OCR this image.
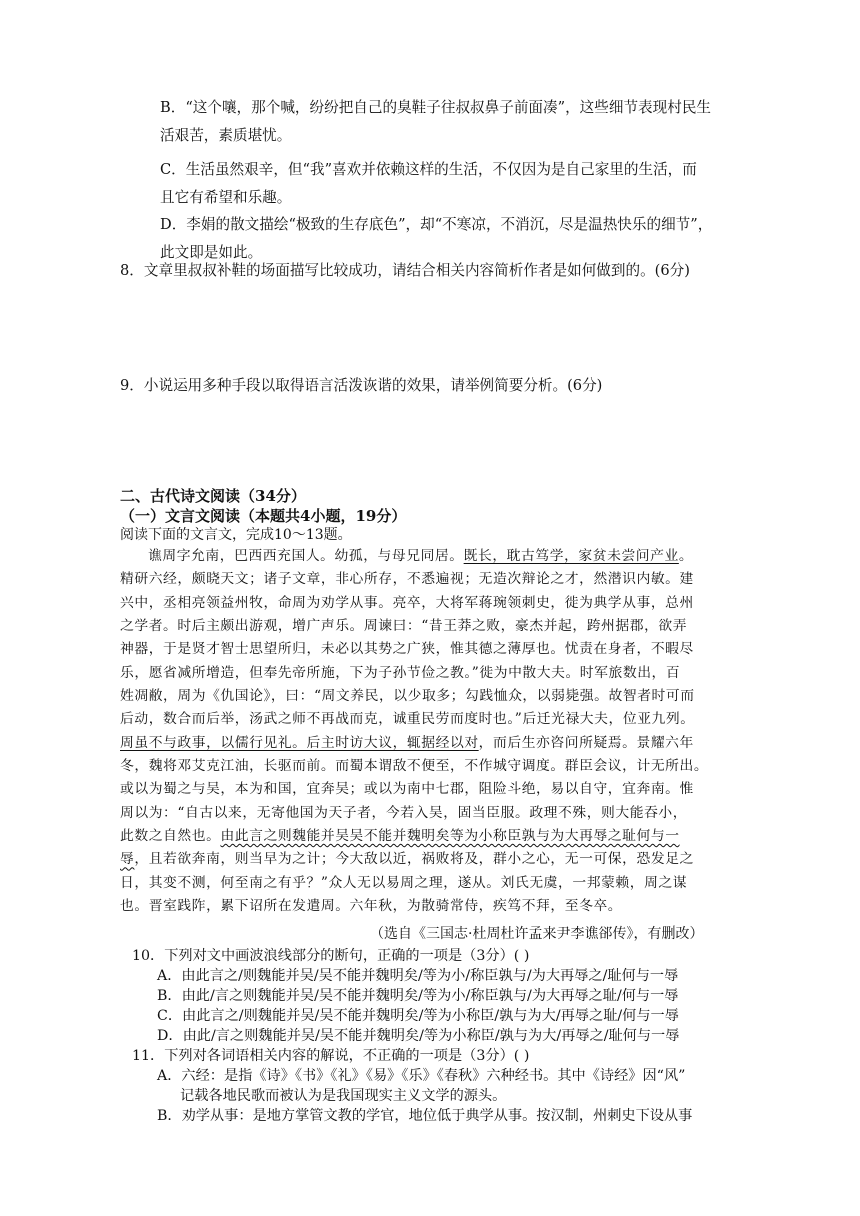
B．“这个嚷，那个喊，纷纷把自己的臭鞋子往叔叔鼻子前面凑”，这些细节表现村民生

活艰苦，素质堪忧。

C．生活虽然艰辛，但“我”喜欢并依赖这样的生活，不仅因为是自己家里的生活，而

且它有希望和乐趣。

D．李娟的散文描绘“极致的生存底色”，却“不寒凉，不消沉，尽是温热快乐的细节”，

此文即是如此。

8．文章里叔叔补鞋的场面描写比较成功，请结合相关内容简析作者是如何做到的。(6分)

9．小说运用多种手段以取得语言活泼诙谐的效果，请举例简要分析。(6分)

二、古代诗文阅读（34分）

（一）文言文阅读（本题共4小题，19分）

阅读下面的文言文，完成10～13题。

谯周字允南，巴西西充国人。幼孤，与母兄同居。既长，耽古笃学，家贫未尝问产业。
精研六经，颇晓天文；诸子文章，非心所存，不悉遍视；无造次辩论之才，然潜识内敏。建
兴中，丞相亮领益州牧，命周为劝学从事。亮卒，大将军蒋琬领刺史，徙为典学从事，总州
之学者。时后主颇出游观，增广声乐。周谏曰：“昔王莽之败，豪杰并起，跨州据郡，欲弄
神器，于是贤才智士思望所归，未必以其势之广狭，惟其德之薄厚也。忧责在身者，不暇尽
乐，愿省减所增造，但奉先帝所施，下为子孙节俭之教。”徙为中散大夫。时军旅数出，百
姓凋敝，周为《仇国论》，曰：“周文养民，以少取多；勾践恤众，以弱毙强。故智者时可而
后动，数合而后举，汤武之师不再战而克，诚重民劳而度时也。”后迁光禄大夫，位亚九列。
周虽不与政事，以儒行见礼。后主时访大议，辄据经以对，而后生亦咨问所疑焉。景耀六年
冬，魏将邓艾克江油，长驱而前。而蜀本谓敌不便至，不作城守调度。群臣会议，计无所出。
或以为蜀之与吴，本为和国，宜奔吴；或以为南中七郡，阻险斗绝，易以自守，宜奔南。惟
周以为：“自古以来，无寄他国为天子者，今若入吴，固当臣服。政理不殊，则大能吞小，
此数之自然也。由此言之则魏能并吴吴不能并魏明矣等为小称臣孰与为大再辱之耻何与一
辱，且若欲奔南，则当早为之计；今大敌以近，祸败将及，群小之心，无一可保，恐发足之
日，其变不测，何至南之有乎？”众人无以易周之理，遂从。刘氏无虞，一邦蒙赖，周之谋
也。晋室践阼，累下诏所在发遣周。六年秋，为散骑常侍，疾笃不拜，至冬卒。

（选自《三国志·杜周杜许孟来尹李谯郤传》，有删改）

10．下列对文中画波浪线部分的断句，正确的一项是（3分）( )

A．由此言之/则魏能并吴/吴不能并魏明矣/等为小/称臣孰与/为大再辱之/耻何与一辱

B．由此/言之则魏能并吴/吴不能并魏明矣/等为小/称臣孰与/为大再辱之耻/何与一辱

C．由此言之/则魏能并吴/吴不能并魏明矣/等为小称臣/孰与为大/再辱之耻/何与一辱

D．由此/言之则魏能并吴/吴不能并魏明矣/等为小称臣/孰与为大/再辱之/耻何与一辱

11．下列对各词语相关内容的解说，不正确的一项是（3分）( )

A．六经：是指《诗》《书》《礼》《易》《乐》《春秋》六种经书。其中《诗经》因“风”

记载各地民歌而被认为是我国现实主义文学的源头。

B．劝学从事：是地方掌管文教的学官，地位低于典学从事。按汉制，州刺史下设从事
